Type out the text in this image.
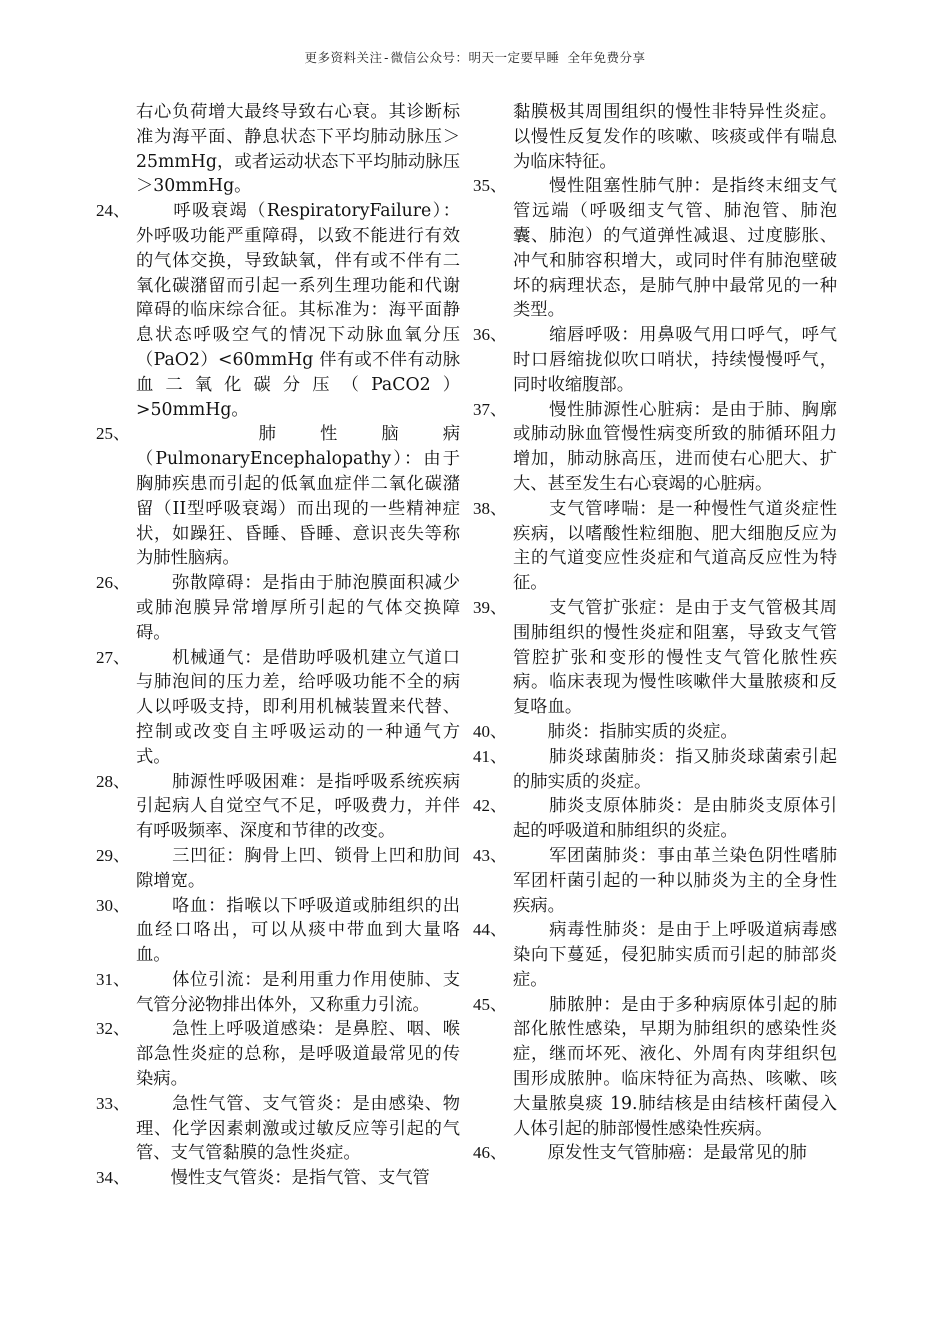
更多资料关注-微信公众号：明天一定要早睡 全年免费分享

右心负荷增大最终导致右心衰。其诊断标准为海平面、静息状态下平均肺动脉压＞25mmHg，或者运动状态下平均肺动脉压＞30mmHg。

24、 　　呼吸衰竭（RespiratoryFailure）：外呼吸功能严重障碍，以致不能进行有效的气体交换，导致缺氧，伴有或不伴有二氧化碳潴留而引起一系列生理功能和代谢障碍的临床综合征。其标准为：海平面静息状态呼吸空气的情况下动脉血氧分压（PaO2）<60mmHg 伴有或不伴有动脉血二氧化碳分压（PaCO2）>50mmHg。

25、 　　肺性脑病（PulmonaryEncephalopathy）：由于胸肺疾患而引起的低氧血症伴二氧化碳潴留（II型呼吸衰竭）而出现的一些精神症状，如躁狂、昏睡、昏睡、意识丧失等称为肺性脑病。

26、 　　弥散障碍：是指由于肺泡膜面积减少或肺泡膜异常增厚所引起的气体交换障碍。

27、 　　机械通气：是借助呼吸机建立气道口与肺泡间的压力差，给呼吸功能不全的病人以呼吸支持，即利用机械装置来代替、控制或改变自主呼吸运动的一种通气方式。

28、 　　肺源性呼吸困难：是指呼吸系统疾病引起病人自觉空气不足，呼吸费力，并伴有呼吸频率、深度和节律的改变。

29、 　　三凹征：胸骨上凹、锁骨上凹和肋间隙增宽。

30、 　　咯血：指喉以下呼吸道或肺组织的出血经口咯出，可以从痰中带血到大量咯血。

31、 　　体位引流：是利用重力作用使肺、支气管分泌物排出体外，又称重力引流。

32、 　　急性上呼吸道感染：是鼻腔、咽、喉部急性炎症的总称，是呼吸道最常见的传染病。

33、 　　急性气管、支气管炎：是由感染、物理、化学因素刺激或过敏反应等引起的气管、支气管黏膜的急性炎症。

34、 　　慢性支气管炎：是指气管、支气管

黏膜极其周围组织的慢性非特异性炎症。以慢性反复发作的咳嗽、咳痰或伴有喘息为临床特征。

35、 　　慢性阻塞性肺气肿：是指终末细支气管远端（呼吸细支气管、肺泡管、肺泡囊、肺泡）的气道弹性减退、过度膨胀、冲气和肺容积增大，或同时伴有肺泡壁破坏的病理状态，是肺气肿中最常见的一种类型。

36、 　　缩唇呼吸：用鼻吸气用口呼气，呼气时口唇缩拢似吹口哨状，持续慢慢呼气，同时收缩腹部。

37、 　　慢性肺源性心脏病：是由于肺、胸廓或肺动脉血管慢性病变所致的肺循环阻力增加，肺动脉高压，进而使右心肥大、扩大、甚至发生右心衰竭的心脏病。

38、 　　支气管哮喘：是一种慢性气道炎症性疾病，以嗜酸性粒细胞、肥大细胞反应为主的气道变应性炎症和气道高反应性为特征。

39、 　　支气管扩张症：是由于支气管极其周围肺组织的慢性炎症和阻塞，导致支气管管腔扩张和变形的慢性支气管化脓性疾病。临床表现为慢性咳嗽伴大量脓痰和反复咯血。

40、 　　肺炎：指肺实质的炎症。

41、 　　肺炎球菌肺炎：指又肺炎球菌索引起的肺实质的炎症。

42、 　　肺炎支原体肺炎：是由肺炎支原体引起的呼吸道和肺组织的炎症。

43、 　　军团菌肺炎：事由革兰染色阴性嗜肺军团杆菌引起的一种以肺炎为主的全身性疾病。

44、 　　病毒性肺炎：是由于上呼吸道病毒感染向下蔓延，侵犯肺实质而引起的肺部炎症。

45、 　　肺脓肿：是由于多种病原体引起的肺部化脓性感染，早期为肺组织的感染性炎症，继而坏死、液化、外周有肉芽组织包围形成脓肿。临床特征为高热、咳嗽、咳大量脓臭痰 19.肺结核是由结核杆菌侵入人体引起的肺部慢性感染性疾病。

46、 　　原发性支气管肺癌：是最常见的肺
